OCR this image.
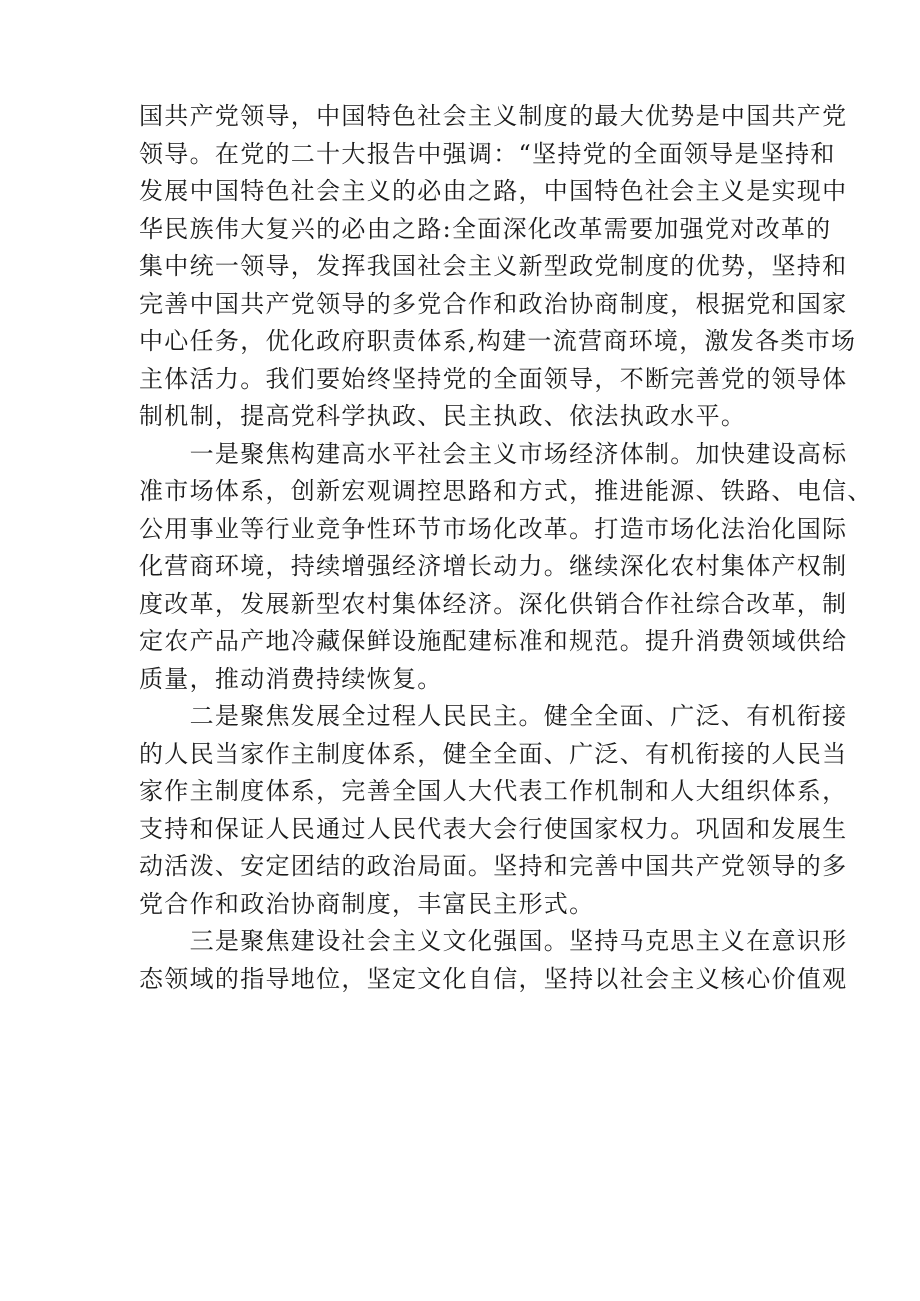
国共产党领导，中国特色社会主义制度的最大优势是中国共产党
领导。在党的二十大报告中强调：“坚持党的全面领导是坚持和
发展中国特色社会主义的必由之路，中国特色社会主义是实现中
华民族伟大复兴的必由之路:全面深化改革需要加强党对改革的
集中统一领导，发挥我国社会主义新型政党制度的优势，坚持和
完善中国共产党领导的多党合作和政治协商制度，根据党和国家
中心任务，优化政府职责体系,构建一流营商环境，激发各类市场
主体活力。我们要始终坚持党的全面领导，不断完善党的领导体
制机制，提高党科学执政、民主执政、依法执政水平。
　　一是聚焦构建高水平社会主义市场经济体制。加快建设高标
准市场体系，创新宏观调控思路和方式，推进能源、铁路、电信、
公用事业等行业竞争性环节市场化改革。打造市场化法治化国际
化营商环境，持续增强经济增长动力。继续深化农村集体产权制
度改革，发展新型农村集体经济。深化供销合作社综合改革，制
定农产品产地冷藏保鲜设施配建标准和规范。提升消费领域供给
质量，推动消费持续恢复。
　　二是聚焦发展全过程人民民主。健全全面、广泛、有机衔接
的人民当家作主制度体系，健全全面、广泛、有机衔接的人民当
家作主制度体系，完善全国人大代表工作机制和人大组织体系，
支持和保证人民通过人民代表大会行使国家权力。巩固和发展生
动活泼、安定团结的政治局面。坚持和完善中国共产党领导的多
党合作和政治协商制度，丰富民主形式。
　　三是聚焦建设社会主义文化强国。坚持马克思主义在意识形
态领域的指导地位，坚定文化自信，坚持以社会主义核心价值观
